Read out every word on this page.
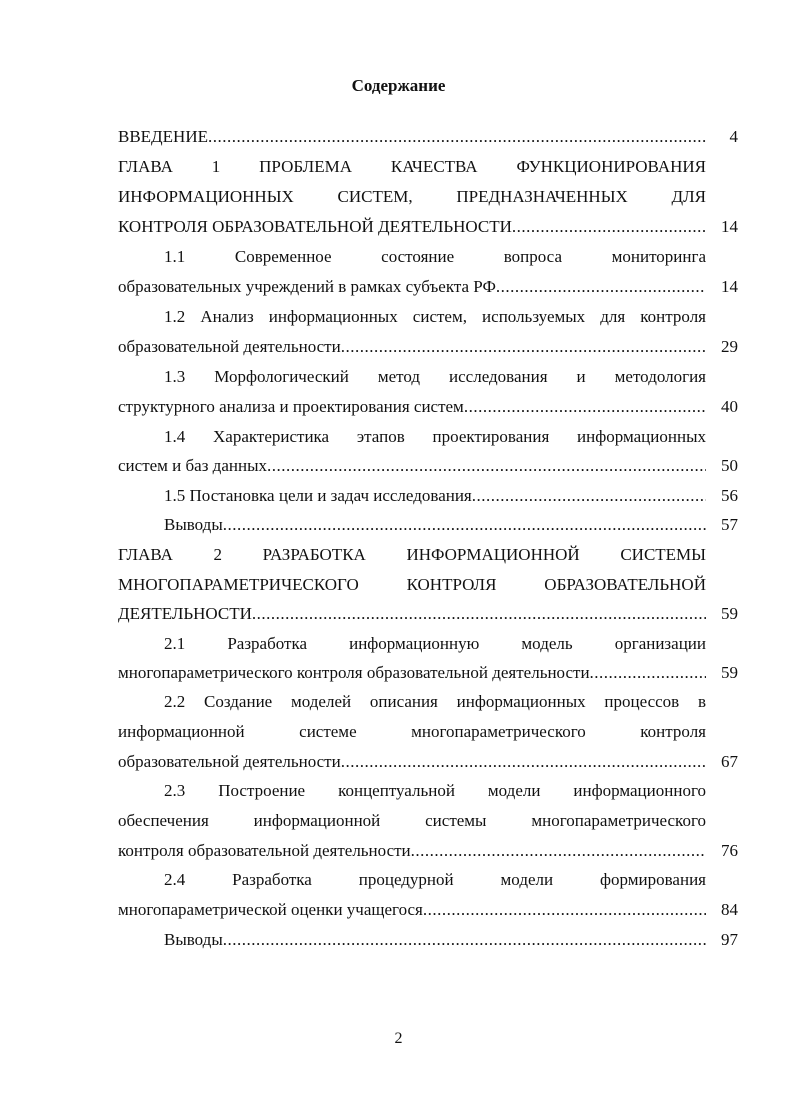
Содержание
ВВЕДЕНИЕ .....	4
ГЛАВА 1 ПРОБЛЕМА КАЧЕСТВА ФУНКЦИОНИРОВАНИЯ
ИНФОРМАЦИОННЫХ СИСТЕМ, ПРЕДНАЗНАЧЕННЫХ ДЛЯ
КОНТРОЛЯ ОБРАЗОВАТЕЛЬНОЙ ДЕЯТЕЛЬНОСТИ .....	14
1.1 Современное состояние вопроса мониторинга
образовательных учреждений в рамках субъекта РФ .....	14
1.2 Анализ информационных систем, используемых для контроля
образовательной деятельности .....	29
1.3 Морфологический метод исследования и методология
структурного анализа и проектирования систем .....	40
1.4 Характеристика этапов проектирования информационных
систем и баз данных .....	50
1.5 Постановка цели и задач исследования .....	56
Выводы .....	57
ГЛАВА 2 РАЗРАБОТКА ИНФОРМАЦИОННОЙ СИСТЕМЫ
МНОГОПАРАМЕТРИЧЕСКОГО КОНТРОЛЯ ОБРАЗОВАТЕЛЬНОЙ
ДЕЯТЕЛЬНОСТИ .....	59
2.1 Разработка информационную модель организации
многопараметрического контроля образовательной деятельности .....	59
2.2 Создание моделей описания информационных процессов в
информационной системе многопараметрического контроля
образовательной деятельности .....	67
2.3 Построение концептуальной модели информационного
обеспечения информационной системы многопараметрического
контроля образовательной деятельности .....	76
2.4 Разработка процедурной модели формирования
многопараметрической оценки учащегося .....	84
Выводы .....	97
2
